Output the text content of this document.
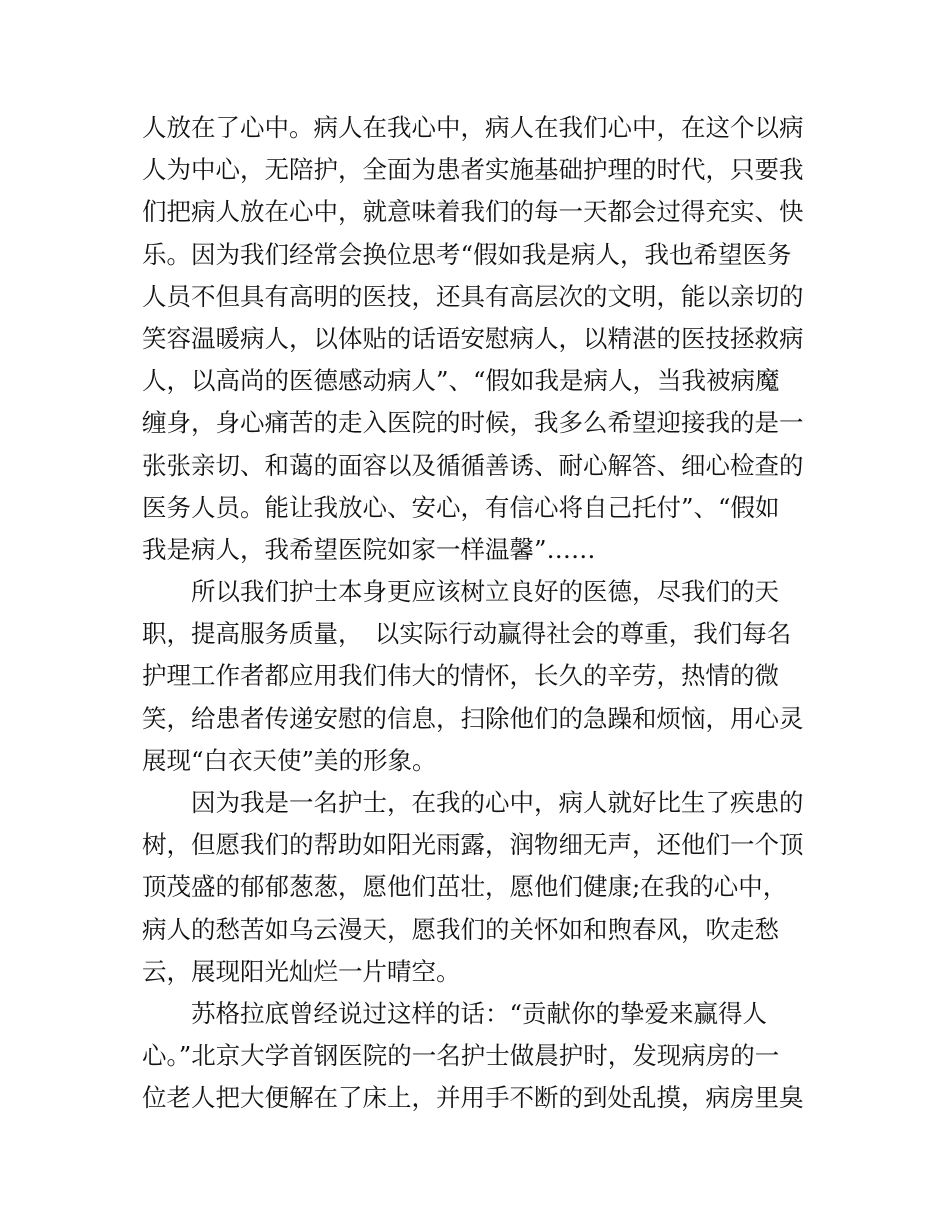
人放在了心中。病人在我心中，病人在我们心中，在这个以病
人为中心，无陪护，全面为患者实施基础护理的时代，只要我
们把病人放在心中，就意味着我们的每一天都会过得充实、快
乐。因为我们经常会换位思考“假如我是病人，我也希望医务
人员不但具有高明的医技，还具有高层次的文明，能以亲切的
笑容温暖病人，以体贴的话语安慰病人，以精湛的医技拯救病
人，以高尚的医德感动病人”、“假如我是病人，当我被病魔
缠身，身心痛苦的走入医院的时候，我多么希望迎接我的是一
张张亲切、和蔼的面容以及循循善诱、耐心解答、细心检查的
医务人员。能让我放心、安心，有信心将自己托付”、“假如
我是病人，我希望医院如家一样温馨”……
　　所以我们护士本身更应该树立良好的医德，尽我们的天
职，提高服务质量，　以实际行动赢得社会的尊重，我们每名
护理工作者都应用我们伟大的情怀，长久的辛劳，热情的微
笑，给患者传递安慰的信息，扫除他们的急躁和烦恼，用心灵
展现“白衣天使”美的形象。
　　因为我是一名护士，在我的心中，病人就好比生了疾患的
树，但愿我们的帮助如阳光雨露，润物细无声，还他们一个顶
顶茂盛的郁郁葱葱，愿他们茁壮，愿他们健康;在我的心中，
病人的愁苦如乌云漫天，愿我们的关怀如和煦春风，吹走愁
云，展现阳光灿烂一片晴空。
　　苏格拉底曾经说过这样的话：“贡献你的挚爱来赢得人
心。”北京大学首钢医院的一名护士做晨护时，发现病房的一
位老人把大便解在了床上，并用手不断的到处乱摸，病房里臭
